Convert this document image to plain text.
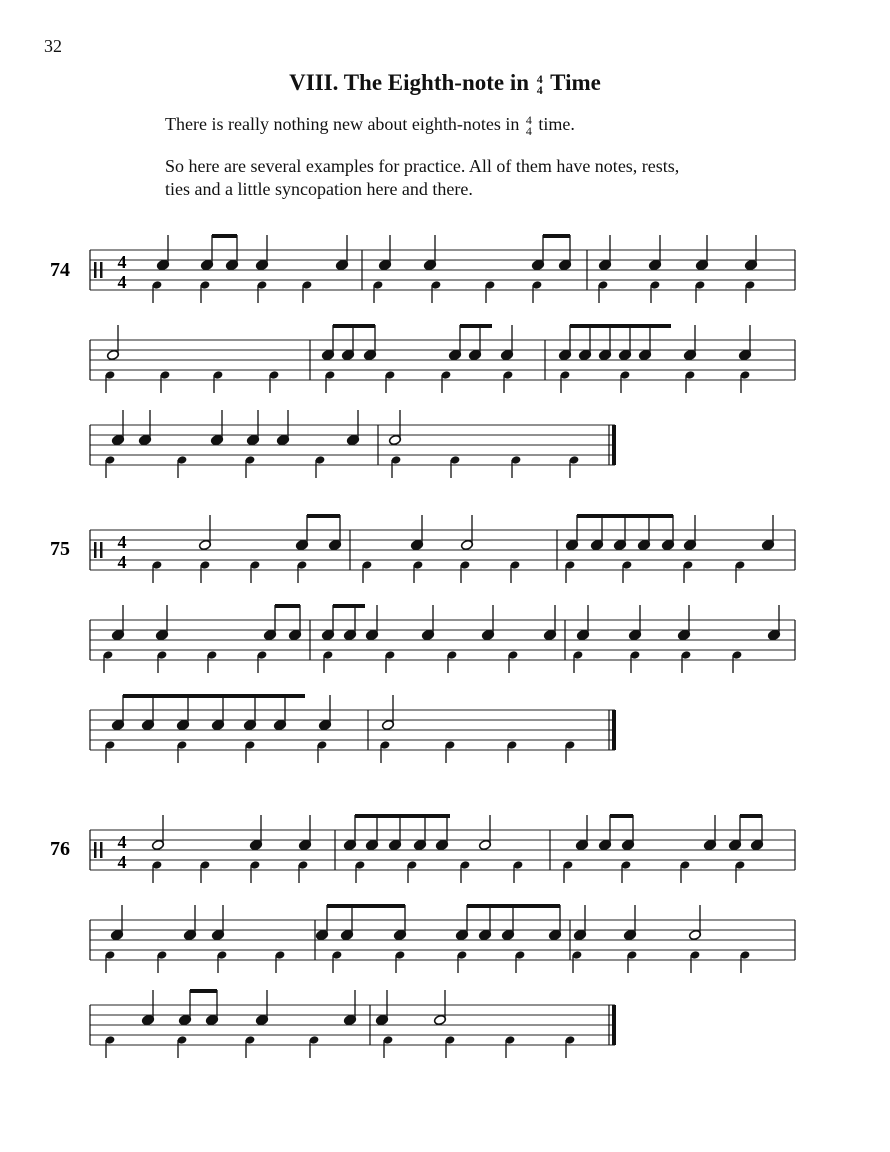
32
VIII. The Eighth-note in 4
4 Time
There is really nothing new about eighth-notes in 4
4 time.
So here are several examples for practice. All of them have notes, rests,
ties and a little syncopation here and there.
4
4
4
4
4
4
74
75
76
